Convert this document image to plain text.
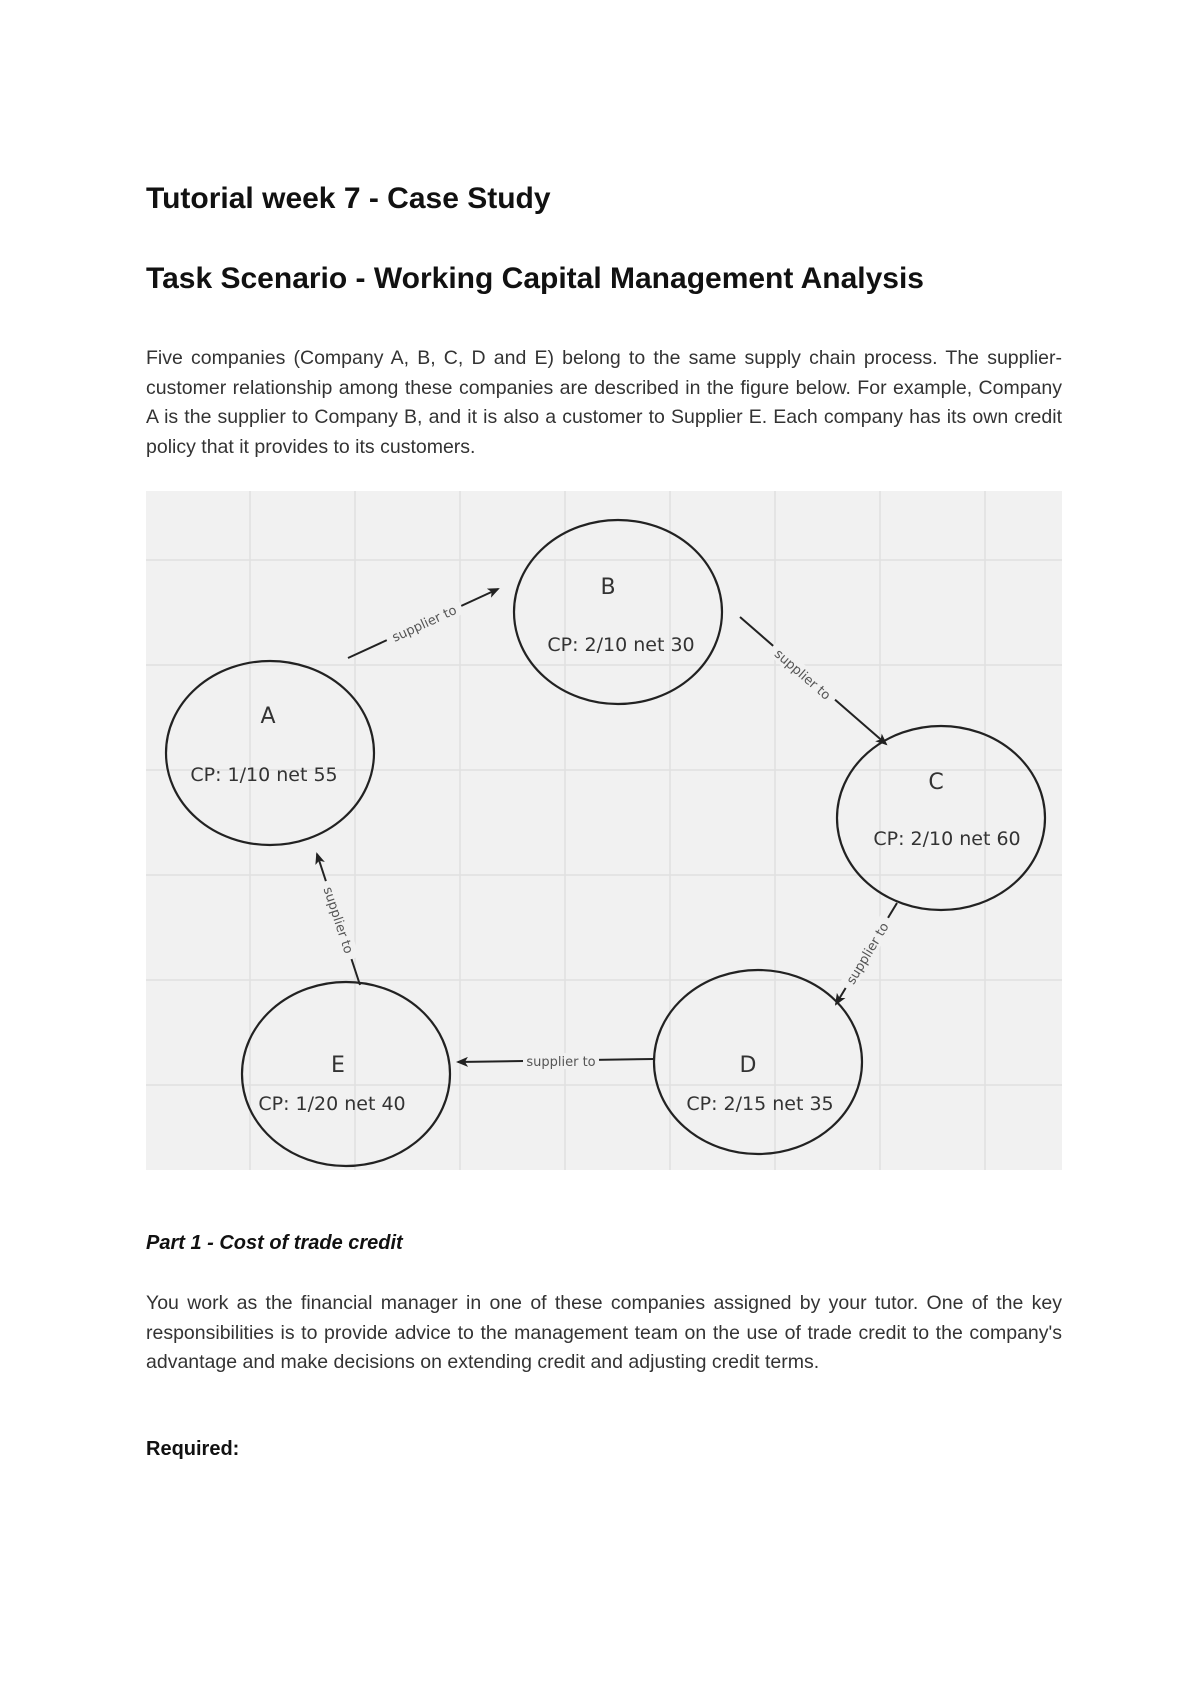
Tutorial week 7 - Case Study
Task Scenario - Working Capital Management Analysis

Five companies (Company A, B, C, D and E) belong to the same supply chain process. The supplier-customer relationship among these companies are described in the figure below. For example, Company A is the supplier to Company B, and it is also a customer to Supplier E. Each company has its own credit policy that it provides to its customers.

supplier to
supplier to
supplier to
supplier to
supplier to
A
CP: 1/10 net 55
B
CP: 2/10 net 30
C
CP: 2/10 net 60
D
CP: 2/15 net 35
E
CP: 1/20 net 40
Part 1 - Cost of trade credit

You work as the financial manager in one of these companies assigned by your tutor. One of the key responsibilities is to provide advice to the management team on the use of trade credit to the company's advantage and make decisions on extending credit and adjusting credit terms.

Required:
